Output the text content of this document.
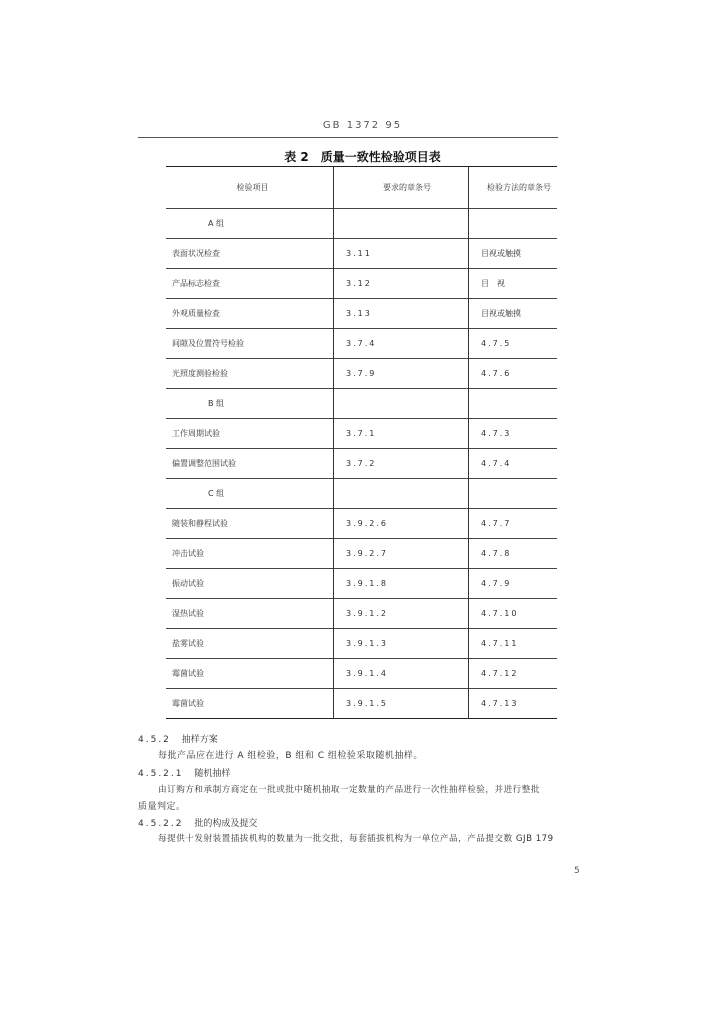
GB 1372 95
表 2　质量一致性检验项目表
检验项目	要求的章条号	检验方法的章条号
A 组		
表面状况检查	3.11	目视或触摸
产品标志检查	3.12	目　视
外观质量检查	3.13	目视或触摸
间隙及位置符号检验	3.7.4	4.7.5
光照度测验检验	3.7.9	4.7.6
B 组		
工作周期试验	3.7.1	4.7.3
偏置调整范围试验	3.7.2	4.7.4
C 组		
随装和静程试验	3.9.2.6	4.7.7
冲击试验	3.9.2.7	4.7.8
振动试验	3.9.1.8	4.7.9
湿热试验	3.9.1.2	4.7.10
盐雾试验	3.9.1.3	4.7.11
霉菌试验	3.9.1.4	4.7.12
霉菌试验	3.9.1.5	4.7.13
4.5.2 抽样方案
每批产品应在进行 A 组检验，B 组和 C 组检验采取随机抽样。
4.5.2.1 随机抽样
由订购方和承制方商定在一批或批中随机抽取一定数量的产品进行一次性抽样检验，并进行整批
质量判定。
4.5.2.2 批的构成及提交
每提供十发射装置插拔机构的数量为一批交批，每套插拔机构为一单位产品，产品提交数 GJB 179
5
